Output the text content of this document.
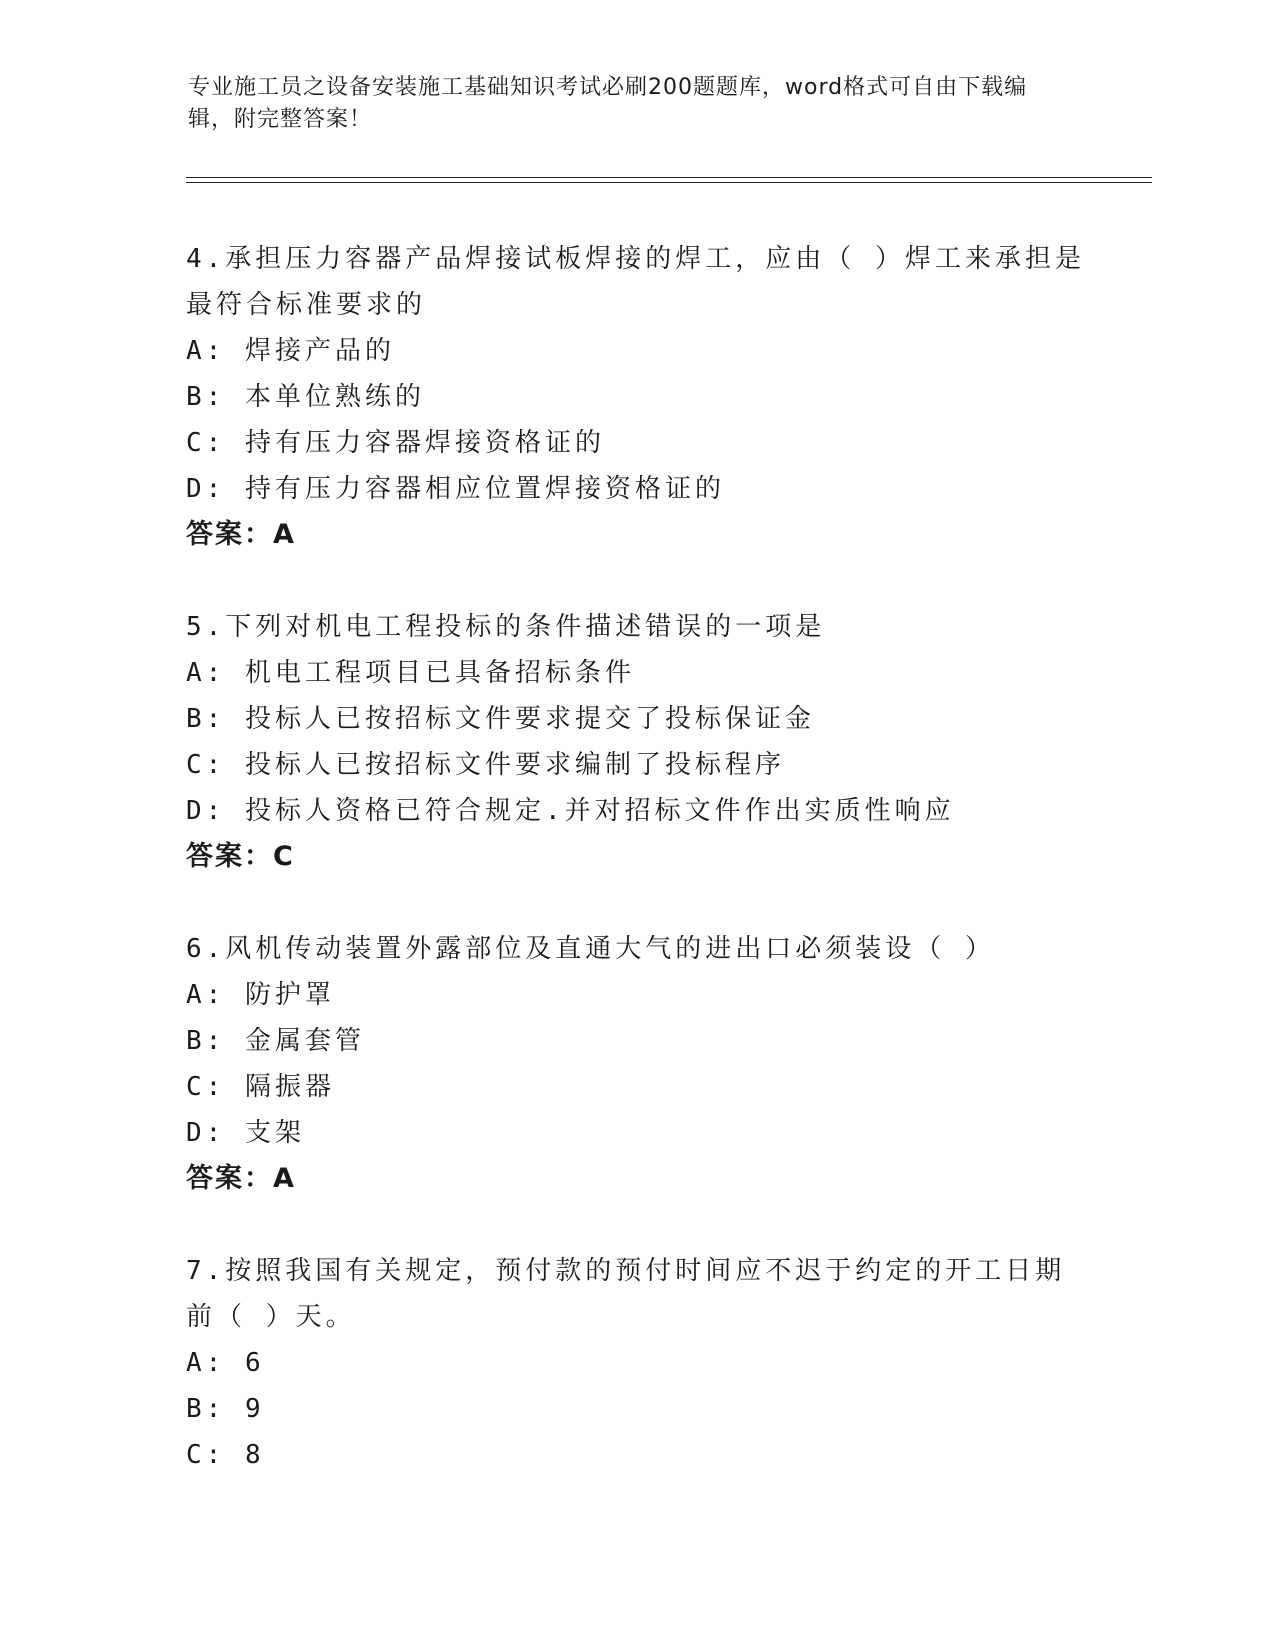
专业施工员之设备安装施工基础知识考试必刷200题题库，word格式可自由下载编辑，附完整答案！

4.承担压力容器产品焊接试板焊接的焊工，应由（ ）焊工来承担是最符合标准要求的

A: 焊接产品的

B: 本单位熟练的

C: 持有压力容器焊接资格证的

D: 持有压力容器相应位置焊接资格证的

答案：A

5.下列对机电工程投标的条件描述错误的一项是

A: 机电工程项目已具备招标条件

B: 投标人已按招标文件要求提交了投标保证金

C: 投标人已按招标文件要求编制了投标程序

D: 投标人资格已符合规定.并对招标文件作出实质性响应

答案：C

6.风机传动装置外露部位及直通大气的进出口必须装设（ ）

A: 防护罩

B: 金属套管

C: 隔振器

D: 支架

答案：A

7.按照我国有关规定，预付款的预付时间应不迟于约定的开工日期前（ ）天。

A: 6

B: 9

C: 8
